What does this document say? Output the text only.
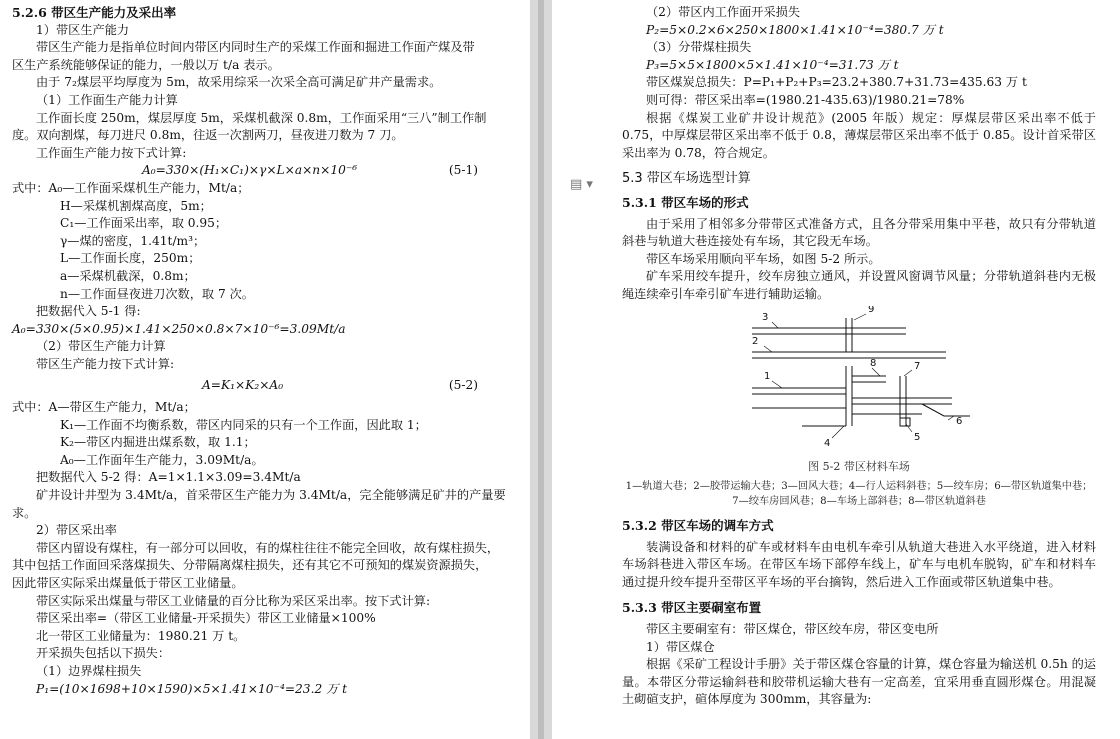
5.2.6 带区生产能力及采出率

1）带区生产能力

带区生产能力是指单位时间内带区内同时生产的采煤工作面和掘进工作面产煤及带

区生产系统能够保证的能力，一般以万 t/a 表示。

由于 7₂煤层平均厚度为 5m，故采用综采一次采全高可满足矿井产量需求。

（1）工作面生产能力计算

工作面长度 250m，煤层厚度 5m，采煤机截深 0.8m，工作面采用“三八”制工作制

度。双向割煤，每刀进尺 0.8m，往返一次割两刀，昼夜进刀数为 7 刀。

工作面生产能力按下式计算:

A₀=330×(H₁×C₁)×γ×L×a×n×10⁻⁶	(5-1)

式中：A₀—工作面采煤机生产能力，Mt/a；

H—采煤机割煤高度，5m；

C₁—工作面采出率，取 0.95；

γ—煤的密度，1.41t/m³；

L—工作面长度，250m；

a—采煤机截深，0.8m；

n—工作面昼夜进刀次数，取 7 次。

把数据代入 5-1 得:

A₀=330×(5×0.95)×1.41×250×0.8×7×10⁻⁶=3.09Mt/a

（2）带区生产能力计算

带区生产能力按下式计算:

A=K₁×K₂×A₀	(5-2)

式中：A—带区生产能力，Mt/a；

K₁—工作面不均衡系数，带区内同采的只有一个工作面，因此取 1；

K₂—带区内掘进出煤系数，取 1.1；

A₀—工作面年生产能力，3.09Mt/a。

把数据代入 5-2 得：A=1×1.1×3.09=3.4Mt/a

矿井设计井型为 3.4Mt/a，首采带区生产能力为 3.4Mt/a，完全能够满足矿井的产量要

求。

2）带区采出率

带区内留设有煤柱，有一部分可以回收，有的煤柱往往不能完全回收，故有煤柱损失，

其中包括工作面回采落煤损失、分带隔离煤柱损失，还有其它不可预知的煤炭资源损失，

因此带区实际采出煤量低于带区工业储量。

带区实际采出煤量与带区工业储量的百分比称为采区采出率。按下式计算:

带区采出率=（带区工业储量-开采损失）带区工业储量×100%

北一带区工业储量为：1980.21 万 t。

开采损失包括以下损失：

（1）边界煤柱损失

P₁=(10×1698+10×1590)×5×1.41×10⁻⁴=23.2 万 t

▤ ▾

（2）带区内工作面开采损失

P₂=5×0.2×6×250×1800×1.41×10⁻⁴=380.7 万 t

（3）分带煤柱损失

P₃=5×5×1800×5×1.41×10⁻⁴=31.73 万 t

带区煤炭总损失：P=P₁+P₂+P₃=23.2+380.7+31.73=435.63 万 t

则可得：带区采出率=(1980.21-435.63)/1980.21=78%

根据《煤炭工业矿井设计规范》(2005 年版）规定：厚煤层带区采出率不低于 0.75，中厚煤层带区采出率不低于 0.8，薄煤层带区采出率不低于 0.85。设计首采带区采出率为 0.78，符合规定。

5.3 带区车场选型计算

5.3.1 带区车场的形式

由于采用了相邻多分带带区式准备方式，且各分带采用集中平巷，故只有分带轨道斜巷与轨道大巷连接处有车场，其它段无车场。

带区车场采用顺向平车场，如图 5-2 所示。

矿车采用绞车提升，绞车房独立通风，并设置风窗调节风量；分带轨道斜巷内无极绳连续牵引车牵引矿车进行辅助运输。

3
2
1
9
8	7
4
5
6

图 5-2 带区材料车场

1—轨道大巷；2—胶带运输大巷；3—回风大巷；4—行人运料斜巷；5—绞车房；6—带区轨道集中巷；

7—绞车房回风巷；8—车场上部斜巷；8—带区轨道斜巷

5.3.2 带区车场的调车方式

装满设备和材料的矿车或材料车由电机车牵引从轨道大巷进入水平绕道，进入材料车场斜巷进入带区车场。在带区车场下部停车线上，矿车与电机车脱钩，矿车和材料车通过提升绞车提升至带区平车场的平台摘钩，然后进入工作面或带区轨道集中巷。

5.3.3 带区主要硐室布置

带区主要硐室有：带区煤仓，带区绞车房，带区变电所

1）带区煤仓

根据《采矿工程设计手册》关于带区煤仓容量的计算，煤仓容量为输送机 0.5h 的运量。本带区分带运输斜巷和胶带机运输大巷有一定高差，宜采用垂直圆形煤仓。用混凝土砌碹支护，碹体厚度为 300mm，其容量为:
